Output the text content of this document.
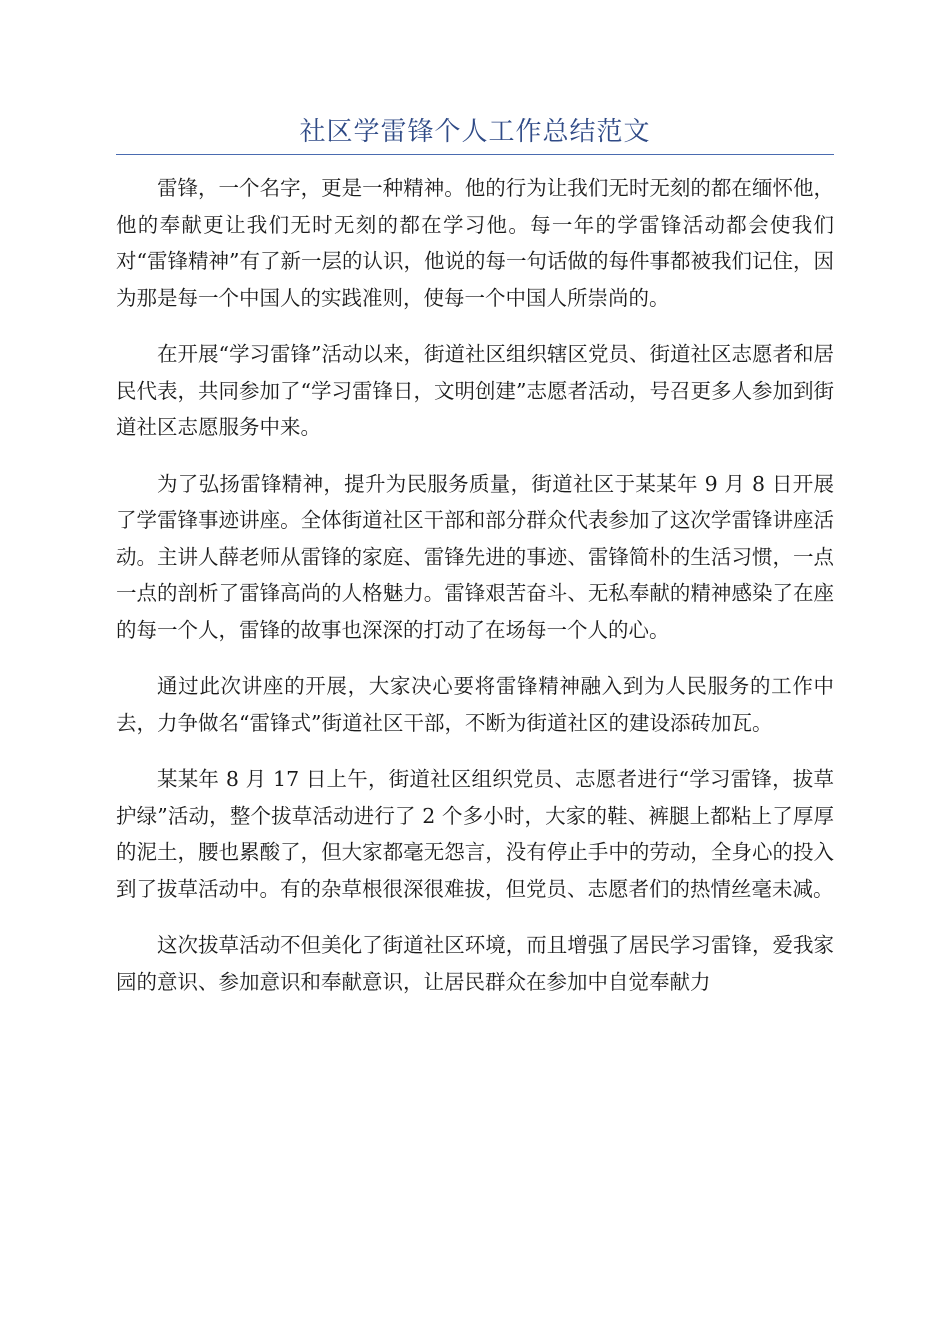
社区学雷锋个人工作总结范文

雷锋，一个名字，更是一种精神。他的行为让我们无时无刻的都在缅怀他，他的奉献更让我们无时无刻的都在学习他。每一年的学雷锋活动都会使我们对“雷锋精神”有了新一层的认识，他说的每一句话做的每件事都被我们记住，因为那是每一个中国人的实践准则，使每一个中国人所崇尚的。

在开展“学习雷锋”活动以来，街道社区组织辖区党员、街道社区志愿者和居民代表，共同参加了“学习雷锋日，文明创建”志愿者活动，号召更多人参加到街道社区志愿服务中来。

为了弘扬雷锋精神，提升为民服务质量，街道社区于某某年 9 月 8 日开展了学雷锋事迹讲座。全体街道社区干部和部分群众代表参加了这次学雷锋讲座活动。主讲人薛老师从雷锋的家庭、雷锋先进的事迹、雷锋简朴的生活习惯，一点一点的剖析了雷锋高尚的人格魅力。雷锋艰苦奋斗、无私奉献的精神感染了在座的每一个人，雷锋的故事也深深的打动了在场每一个人的心。

通过此次讲座的开展，大家决心要将雷锋精神融入到为人民服务的工作中去，力争做名“雷锋式”街道社区干部，不断为街道社区的建设添砖加瓦。

某某年 8 月 17 日上午，街道社区组织党员、志愿者进行“学习雷锋，拔草护绿”活动，整个拔草活动进行了 2 个多小时，大家的鞋、裤腿上都粘上了厚厚的泥土，腰也累酸了，但大家都毫无怨言，没有停止手中的劳动，全身心的投入到了拔草活动中。有的杂草根很深很难拔，但党员、志愿者们的热情丝毫未减。

这次拔草活动不但美化了街道社区环境，而且增强了居民学习雷锋，爱我家园的意识、参加意识和奉献意识，让居民群众在参加中自觉奉献力
